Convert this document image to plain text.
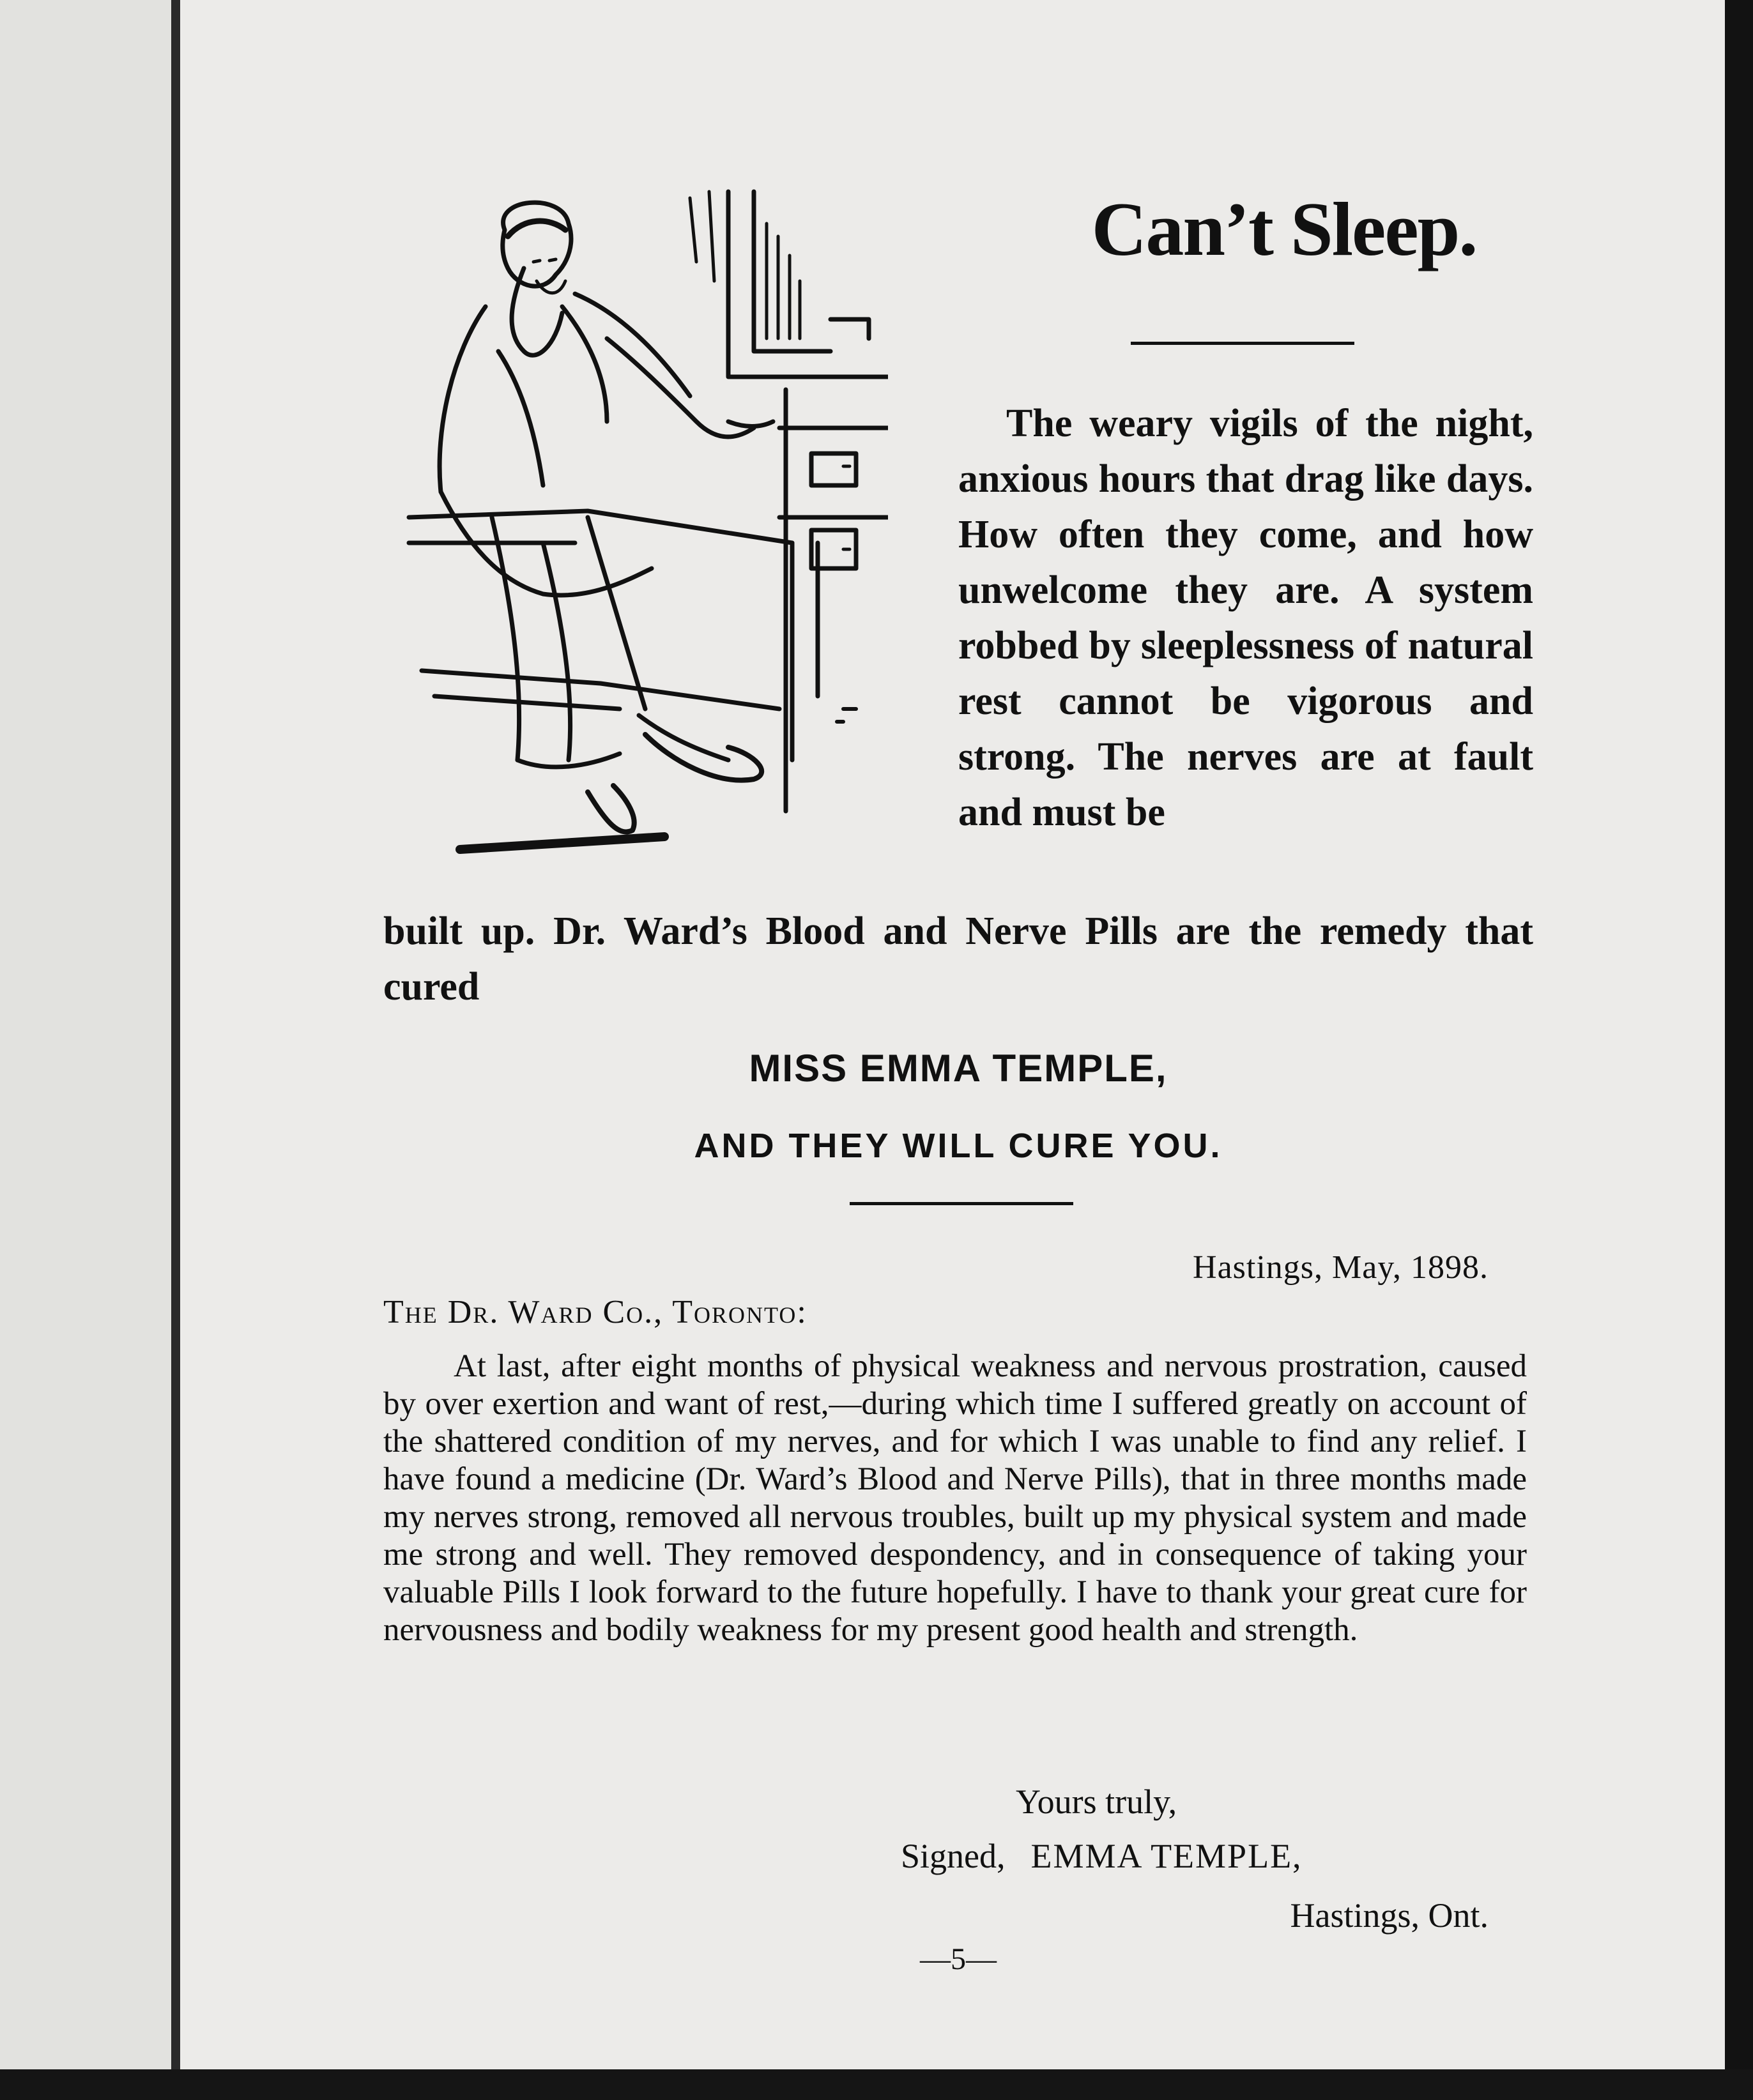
Can’t Sleep.
The weary vigils of the night, anxious hours that drag like days. How often they come, and how unwelcome they are. A system robbed by sleeplessness of natural rest cannot be vigorous and strong. The nerves are at fault and must be
built up. Dr. Ward’s Blood and Nerve Pills are the remedy that cured
MISS EMMA TEMPLE,
AND THEY WILL CURE YOU.
Hastings, May, 1898.
The Dr. Ward Co., Toronto:
At last, after eight months of physical weakness and nervous prostration, caused by over exertion and want of rest,—during which time I suffered greatly on account of the shattered condition of my nerves, and for which I was unable to find any relief. I have found a medicine (Dr. Ward’s Blood and Nerve Pills), that in three months made my nerves strong, removed all nervous troubles, built up my physical system and made me strong and well. They removed despondency, and in consequence of taking your valuable Pills I look forward to the future hopefully. I have to thank your great cure for nervousness and bodily weakness for my present good health and strength.
Yours truly,
Signed, EMMA TEMPLE,
Hastings, Ont.
—5—
